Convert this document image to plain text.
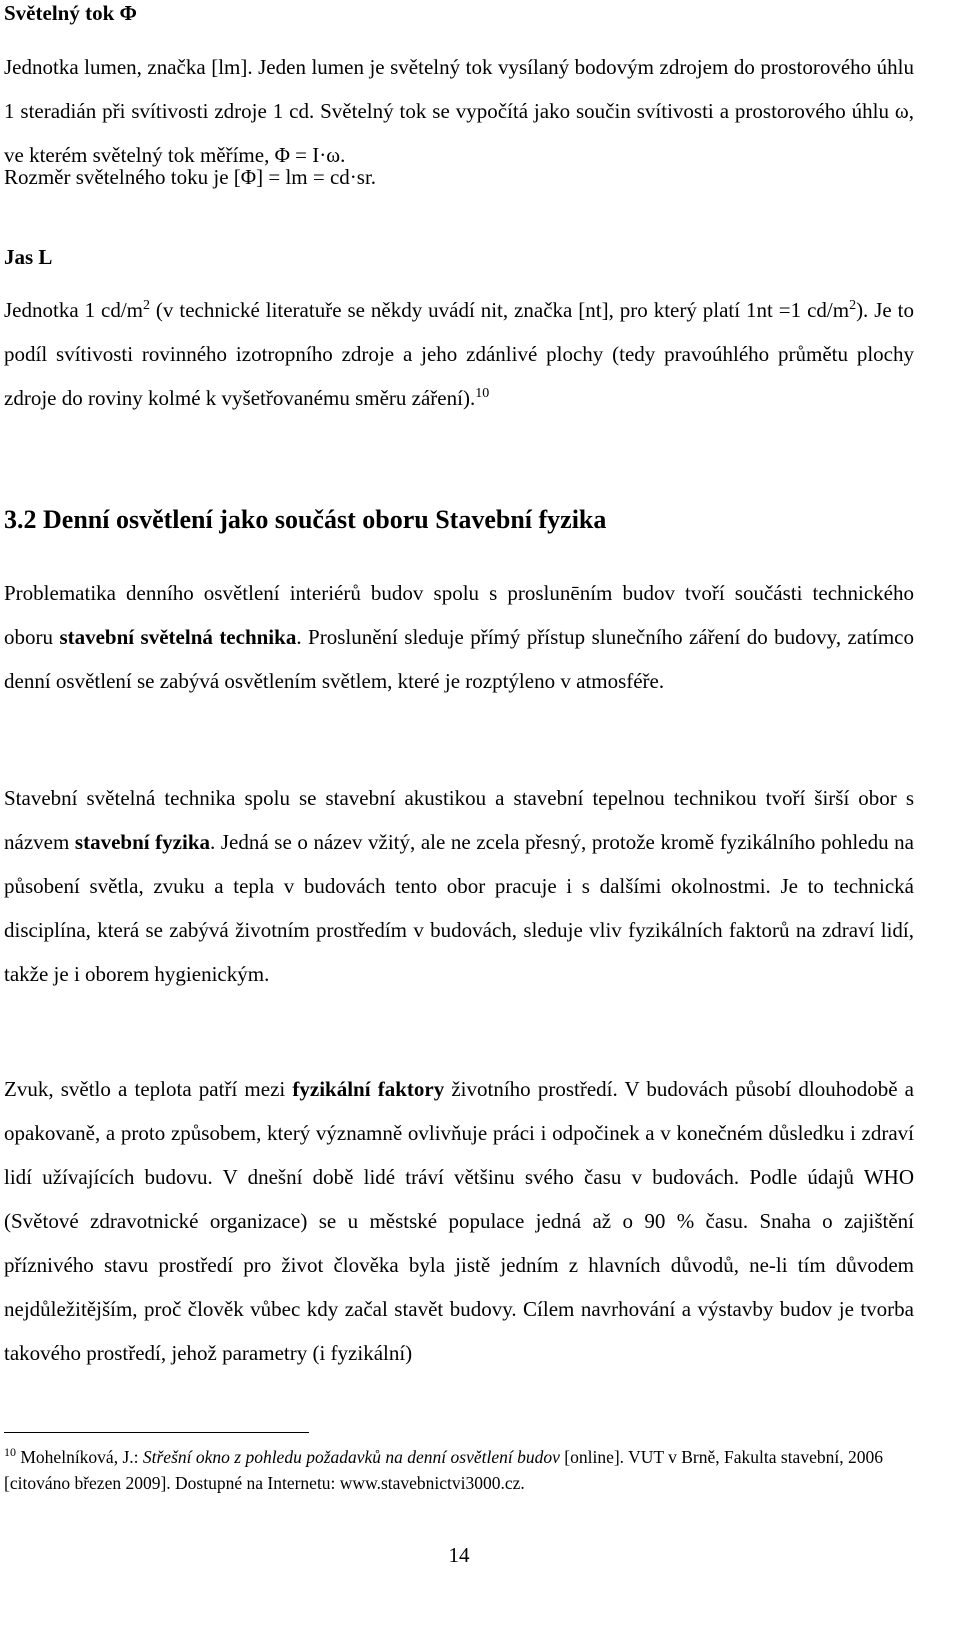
Světelný tok Φ

Jednotka lumen, značka [lm]. Jeden lumen je světelný tok vysílaný bodovým zdrojem do prostorového úhlu 1 steradián při svítivosti zdroje 1 cd. Světelný tok se vypočítá jako součin svítivosti a prostorového úhlu ω, ve kterém světelný tok měříme, Φ = I·ω.

Rozměr světelného toku je [Φ] = lm = cd·sr.

Jas L

Jednotka 1 $cd/m^2$ (v technické literatuře se někdy uvádí nit, značka [nt], pro který platí 1nt =1 $cd/m^2$). Je to podíl svítivosti rovinného izotropního zdroje a jeho zdánlivé plochy (tedy pravoúhlého průmětu plochy zdroje do roviny kolmé k vyšetřovanému směru záření).$^{10}$

3.2 Denní osvětlení jako součást oboru Stavební fyzika

Problematika denního osvětlení interiérů budov spolu s proslunēním budov tvoří součásti technického oboru stavební světelná technika. Proslunění sleduje přímý přístup slunečního záření do budovy, zatímco denní osvětlení se zabývá osvětlením světlem, které je rozptýleno v atmosféře.

Stavební světelná technika spolu se stavební akustikou a stavební tepelnou technikou tvoří širší obor s názvem stavební fyzika. Jedná se o název vžitý, ale ne zcela přesný, protože kromě fyzikálního pohledu na působení světla, zvuku a tepla v budovách tento obor pracuje i s dalšími okolnostmi. Je to technická disciplína, která se zabývá životním prostředím v budovách, sleduje vliv fyzikálních faktorů na zdraví lidí, takže je i oborem hygienickým.

Zvuk, světlo a teplota patří mezi fyzikální faktory životního prostředí. V budovách působí dlouhodobě a opakovaně, a proto způsobem, který významně ovlivňuje práci i odpočinek a v konečném důsledku i zdraví lidí užívajících budovu. V dnešní době lidé tráví většinu svého času v budovách. Podle údajů WHO (Světové zdravotnické organizace) se u městské populace jedná až o 90 % času. Snaha o zajištění příznivého stavu prostředí pro život člověka byla jistě jedním z hlavních důvodů, ne-li tím důvodem nejdůležitějším, proč člověk vůbec kdy začal stavět budovy. Cílem navrhování a výstavby budov je tvorba takového prostředí, jehož parametry (i fyzikální)

$^{10}$ Mohelníková, J.: Střešní okno z pohledu požadavků na denní osvětlení budov [online]. VUT v Brně, Fakulta stavební, 2006 [citováno březen 2009]. Dostupné na Internetu: www.stavebnictvi3000.cz.

14
